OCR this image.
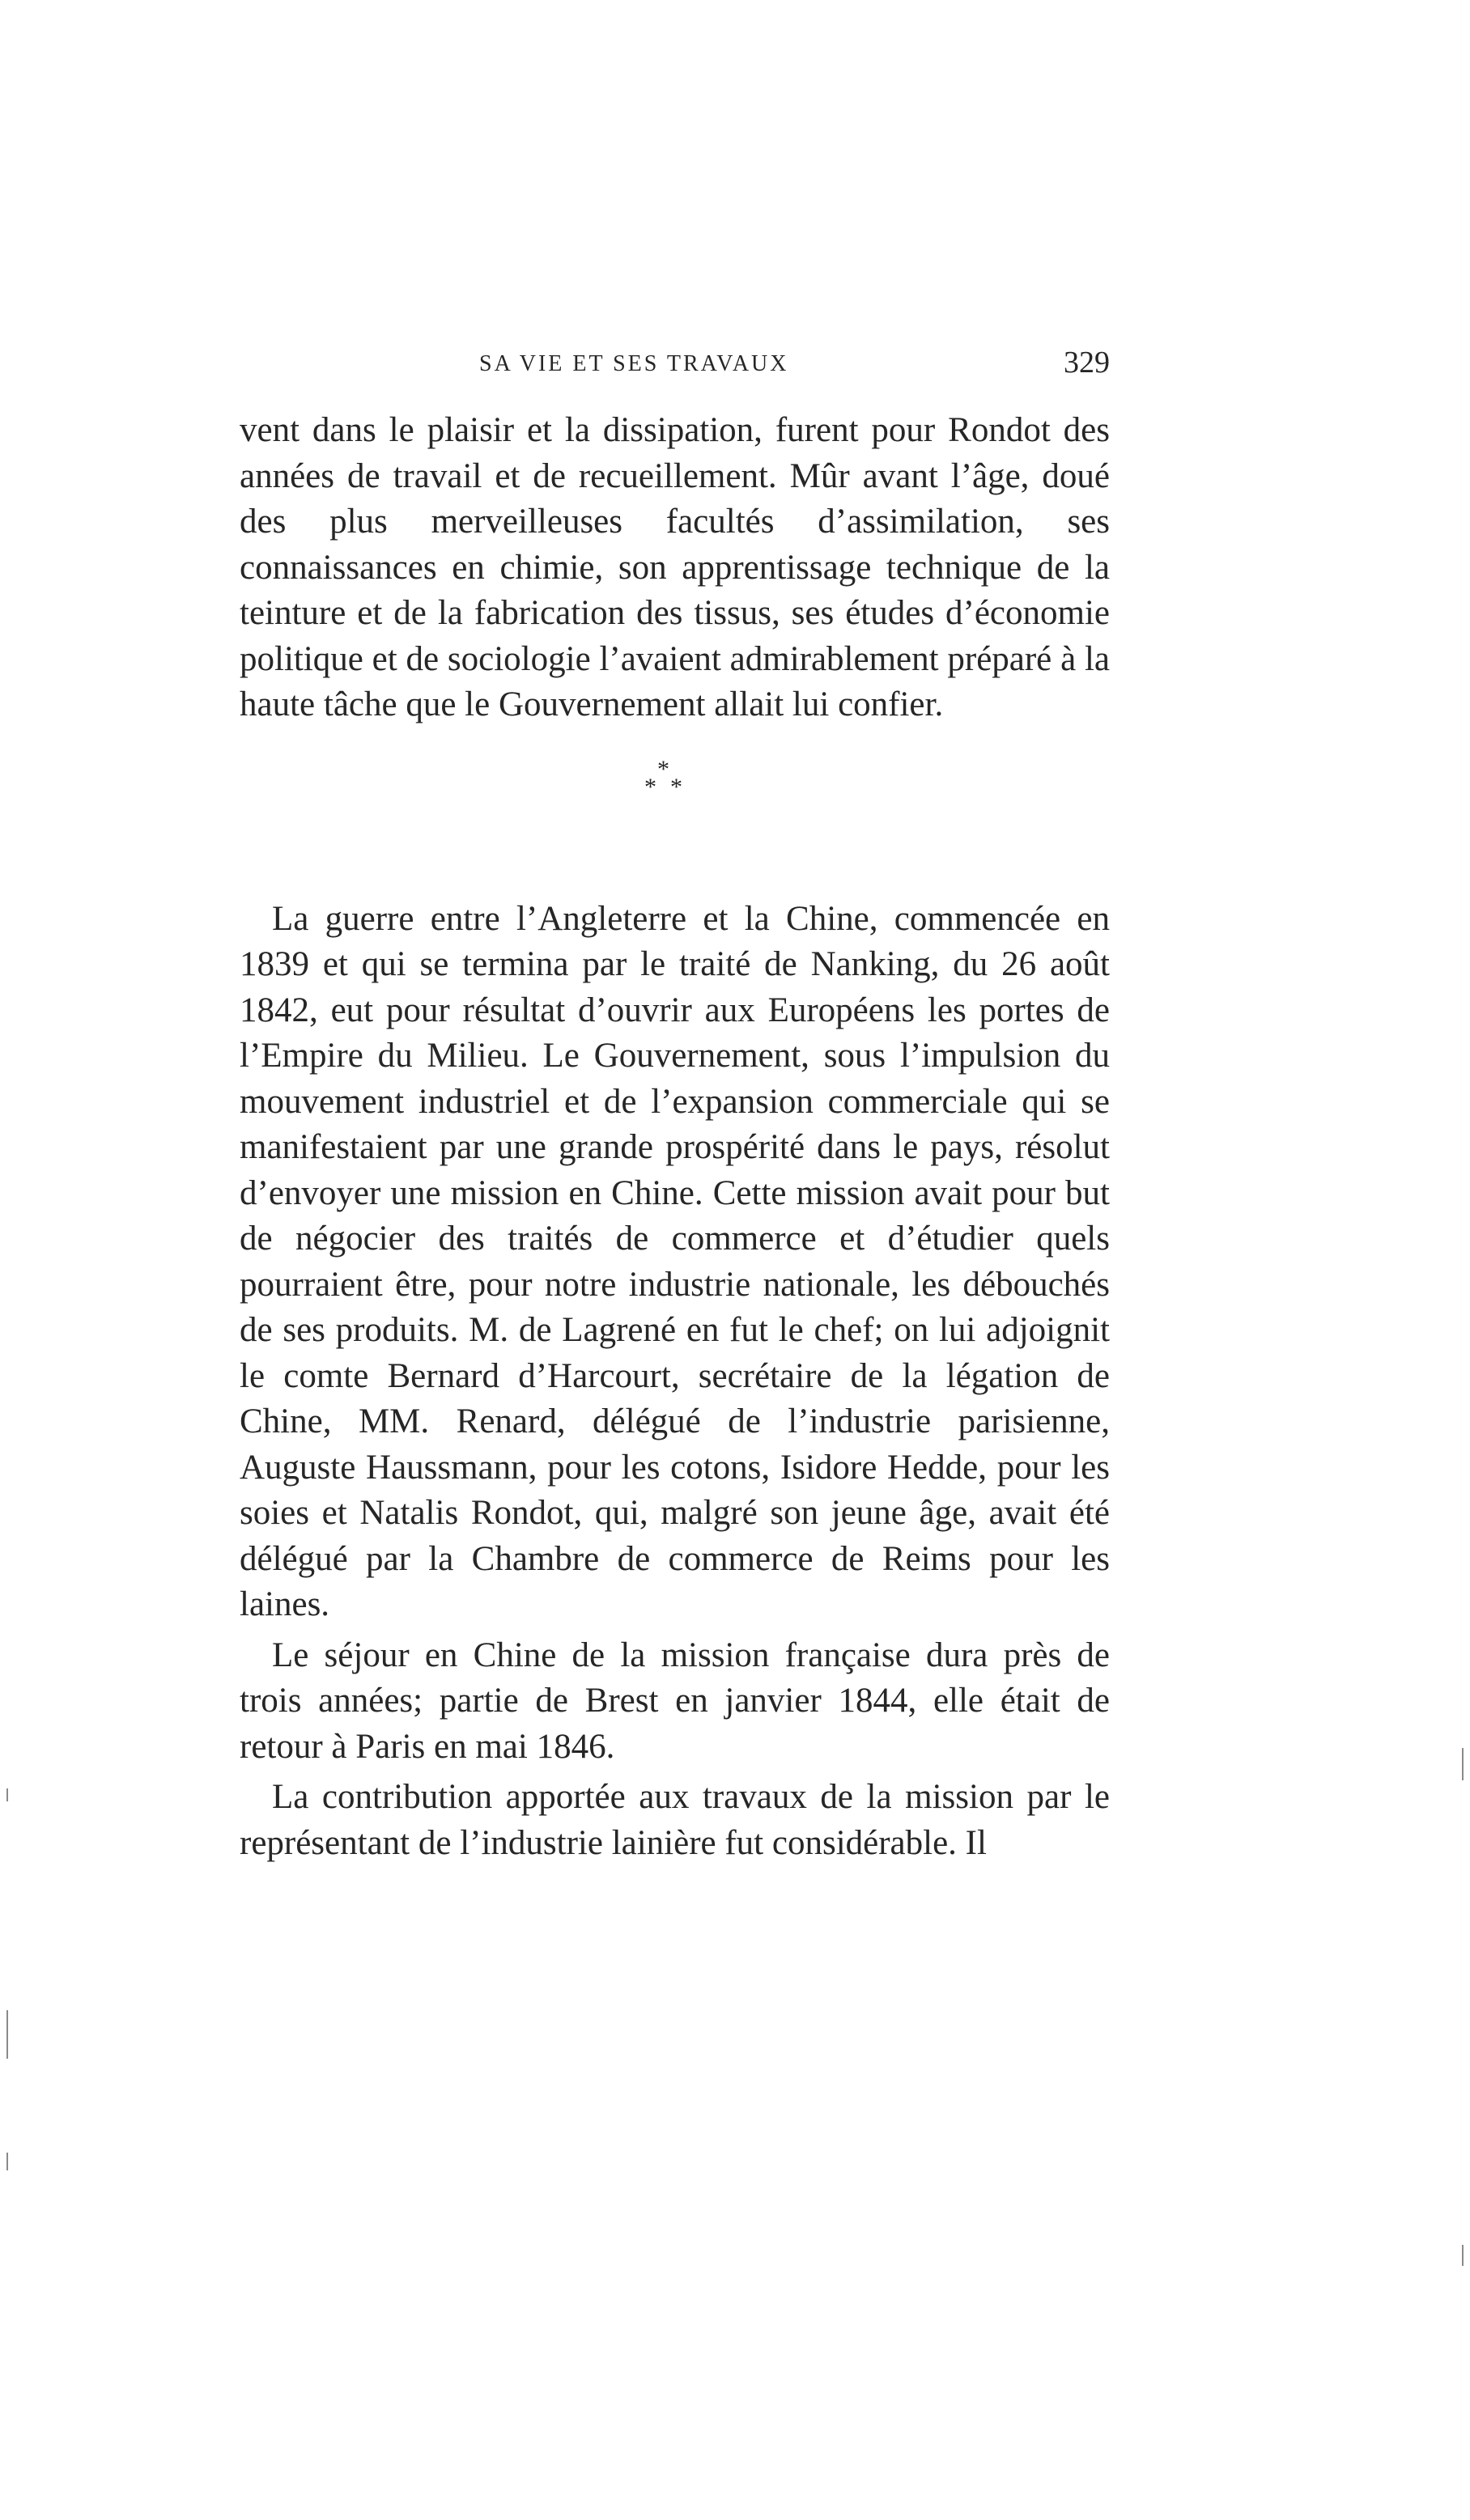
SA VIE ET SES TRAVAUX	329

vent dans le plaisir et la dissipation, furent pour Rondot des années de travail et de recueillement. Mûr avant l’âge, doué des plus merveilleuses facultés d’assimilation, ses connaissances en chimie, son apprentissage technique de la teinture et de la fabrication des tissus, ses études d’économie politique et de sociologie l’avaient admirablement préparé à la haute tâche que le Gouvernement allait lui confier.

*
* *

La guerre entre l’Angleterre et la Chine, commencée en 1839 et qui se termina par le traité de Nanking, du 26 août 1842, eut pour résultat d’ouvrir aux Européens les portes de l’Empire du Milieu. Le Gouvernement, sous l’impulsion du mouvement industriel et de l’expansion commerciale qui se manifestaient par une grande prospérité dans le pays, résolut d’envoyer une mission en Chine. Cette mission avait pour but de négocier des traités de commerce et d’étudier quels pourraient être, pour notre industrie nationale, les débouchés de ses produits. M. de Lagrené en fut le chef; on lui adjoignit le comte Bernard d’Harcourt, secrétaire de la légation de Chine, MM. Renard, délégué de l’industrie parisienne, Auguste Haussmann, pour les cotons, Isidore Hedde, pour les soies et Natalis Rondot, qui, malgré son jeune âge, avait été délégué par la Chambre de commerce de Reims pour les laines.

Le séjour en Chine de la mission française dura près de trois années; partie de Brest en janvier 1844, elle était de retour à Paris en mai 1846.

La contribution apportée aux travaux de la mission par le représentant de l’industrie lainière fut considérable. Il
